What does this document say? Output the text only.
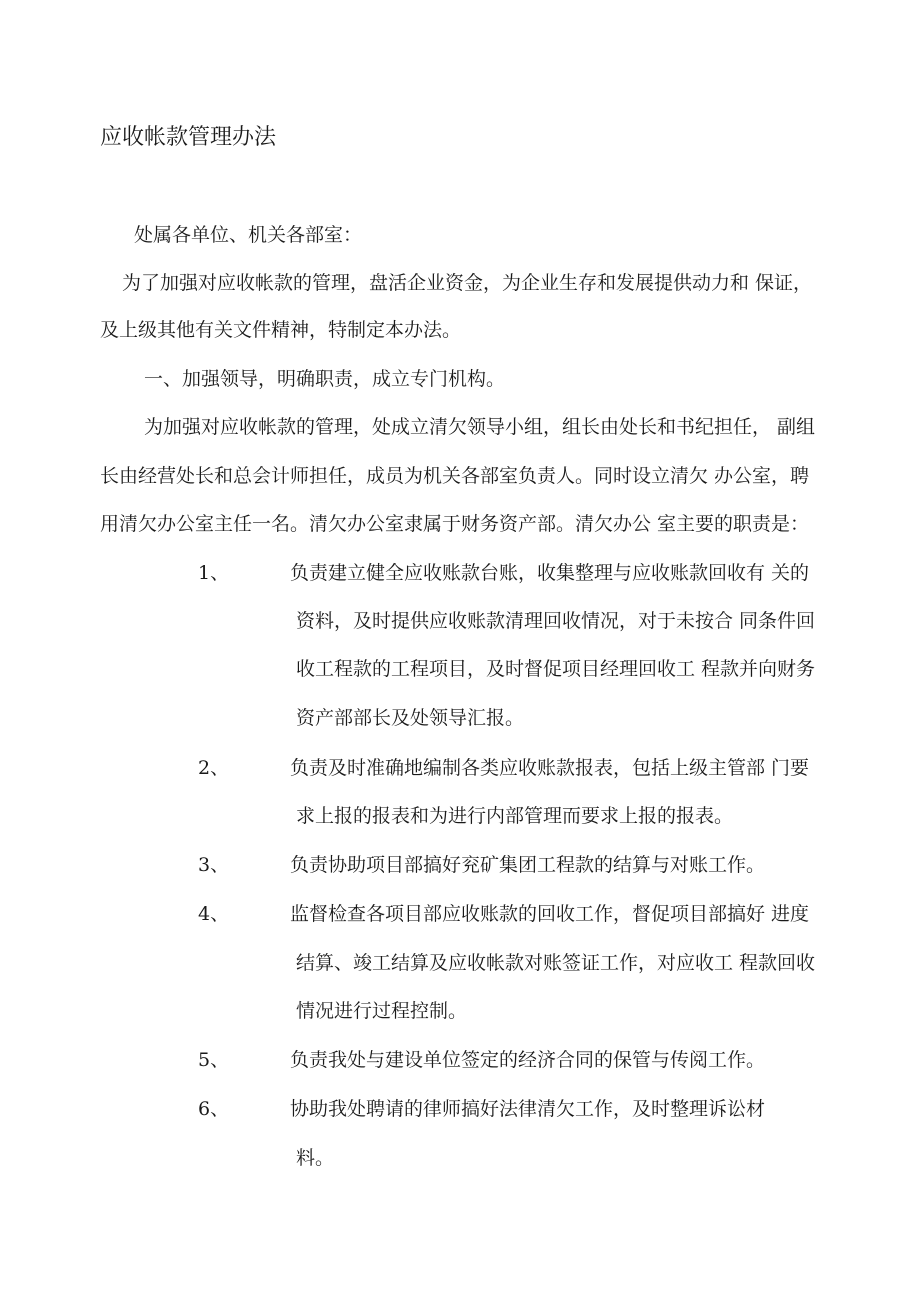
应收帐款管理办法
处属各单位、机关各部室：
为了加强对应收帐款的管理，盘活企业资金，为企业生存和发展提供动力和 保证，
及上级其他有关文件精神，特制定本办法。
一、加强领导，明确职责，成立专门机构。
为加强对应收帐款的管理，处成立清欠领导小组，组长由处长和书纪担任， 副组
长由经营处长和总会计师担任，成员为机关各部室负责人。同时设立清欠 办公室，聘
用清欠办公室主任一名。清欠办公室隶属于财务资产部。清欠办公 室主要的职责是：
1、	负责建立健全应收账款台账，收集整理与应收账款回收有 关的
资料，及时提供应收账款清理回收情况，对于未按合 同条件回
收工程款的工程项目，及时督促项目经理回收工 程款并向财务
资产部部长及处领导汇报。
2、	负责及时准确地编制各类应收账款报表，包括上级主管部 门要
求上报的报表和为进行内部管理而要求上报的报表。
3、	负责协助项目部搞好兖矿集团工程款的结算与对账工作。
4、	监督检查各项目部应收账款的回收工作，督促项目部搞好 进度
结算、竣工结算及应收帐款对账签证工作，对应收工 程款回收
情况进行过程控制。
5、	负责我处与建设单位签定的经济合同的保管与传阅工作。
6、	协助我处聘请的律师搞好法律清欠工作，及时整理诉讼材
料。
